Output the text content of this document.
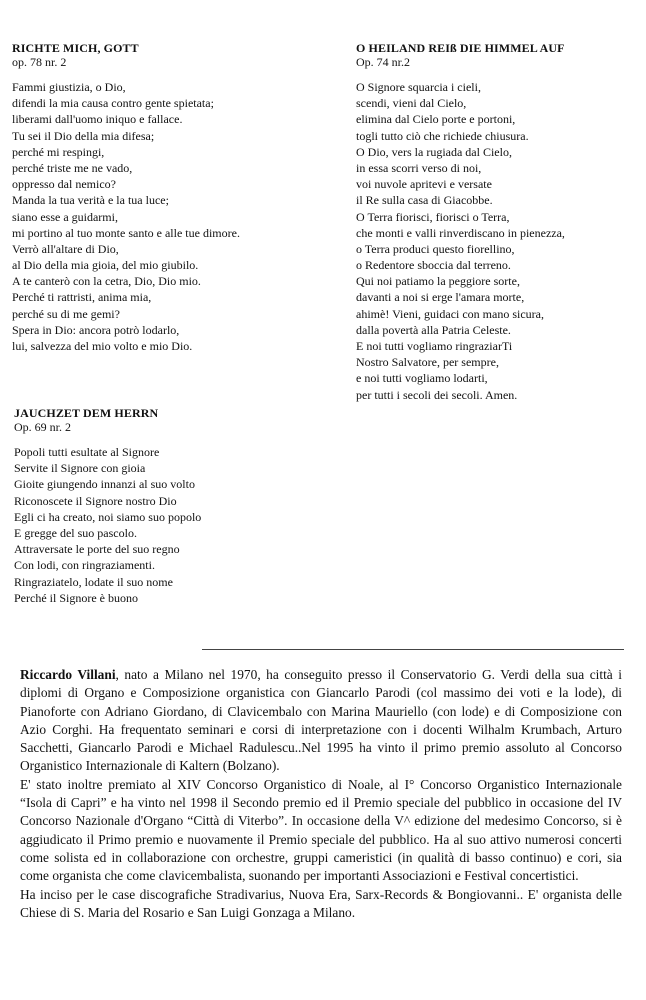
RICHTE MICH, GOTT
op. 78 nr. 2
Fammi giustizia, o Dio,
difendi la mia causa contro gente spietata;
liberami dall'uomo iniquo e fallace.
Tu sei il Dio della mia difesa;
perché mi respingi,
perché triste me ne vado,
oppresso dal nemico?
Manda la tua verità e la tua luce;
siano esse a guidarmi,
mi portino al tuo monte santo e alle tue dimore.
Verrò all'altare di Dio,
al Dio della mia gioia, del mio giubilo.
A te canterò con la cetra, Dio, Dio mio.
Perché ti rattristi, anima mia,
perché su di me gemi?
Spera in Dio: ancora potrò lodarlo,
lui, salvezza del mio volto e mio Dio.
O HEILAND REIß DIE HIMMEL AUF
Op. 74 nr.2
O Signore squarcia i cieli,
scendi, vieni dal Cielo,
elimina dal Cielo porte e portoni,
togli tutto ciò che richiede chiusura.
O Dio, vers la rugiada dal Cielo,
in essa scorri verso di noi,
voi nuvole apritevi e versate
il Re sulla casa di Giacobbe.
O Terra fiorisci, fiorisci o Terra,
che monti e valli rinverdiscano in pienezza,
o Terra produci questo fiorellino,
o Redentore sboccia dal terreno.
Qui noi patiamo la peggiore sorte,
davanti a noi si erge l'amara morte,
ahimè! Vieni, guidaci con mano sicura,
dalla povertà alla Patria Celeste.
E noi tutti vogliamo ringraziarTi
Nostro Salvatore, per sempre,
e noi tutti vogliamo lodarti,
per tutti i secoli dei secoli. Amen.
JAUCHZET DEM HERRN
Op. 69 nr. 2
Popoli tutti esultate al Signore
Servite il Signore con gioia
Gioite giungendo innanzi al suo volto
Riconoscete il Signore nostro Dio
Egli ci ha creato, noi siamo suo popolo
E gregge del suo pascolo.
Attraversate le porte del suo regno
Con lodi, con ringraziamenti.
Ringraziatelo, lodate il suo nome
Perché il Signore è buono

Riccardo Villani, nato a Milano nel 1970, ha conseguito presso il Conservatorio G. Verdi della sua città i diplomi di Organo e Composizione organistica con Giancarlo Parodi (col massimo dei voti e la lode), di Pianoforte con Adriano Giordano, di Clavicembalo con Marina Mauriello (con lode) e di Composizione con Azio Corghi. Ha frequentato seminari e corsi di interpretazione con i docenti Wilhalm Krumbach, Arturo Sacchetti, Giancarlo Parodi e Michael Radulescu..Nel 1995 ha vinto il primo premio assoluto al Concorso Organistico Internazionale di Kaltern (Bolzano).

E' stato inoltre premiato al XIV Concorso Organistico di Noale, al I° Concorso Organistico Internazionale “Isola di Capri” e ha vinto nel 1998 il Secondo premio ed il Premio speciale del pubblico in occasione del IV Concorso Nazionale d'Organo “Città di Viterbo”. In occasione della V^ edizione del medesimo Concorso, si è aggiudicato il Primo premio e nuovamente il Premio speciale del pubblico. Ha al suo attivo numerosi concerti come solista ed in collaborazione con orchestre, gruppi cameristici (in qualità di basso continuo) e cori, sia come organista che come clavicembalista, suonando per importanti Associazioni e Festival concertistici.

Ha inciso per le case discografiche Stradivarius, Nuova Era, Sarx-Records & Bongiovanni.. E' organista delle Chiese di S. Maria del Rosario e San Luigi Gonzaga a Milano.
